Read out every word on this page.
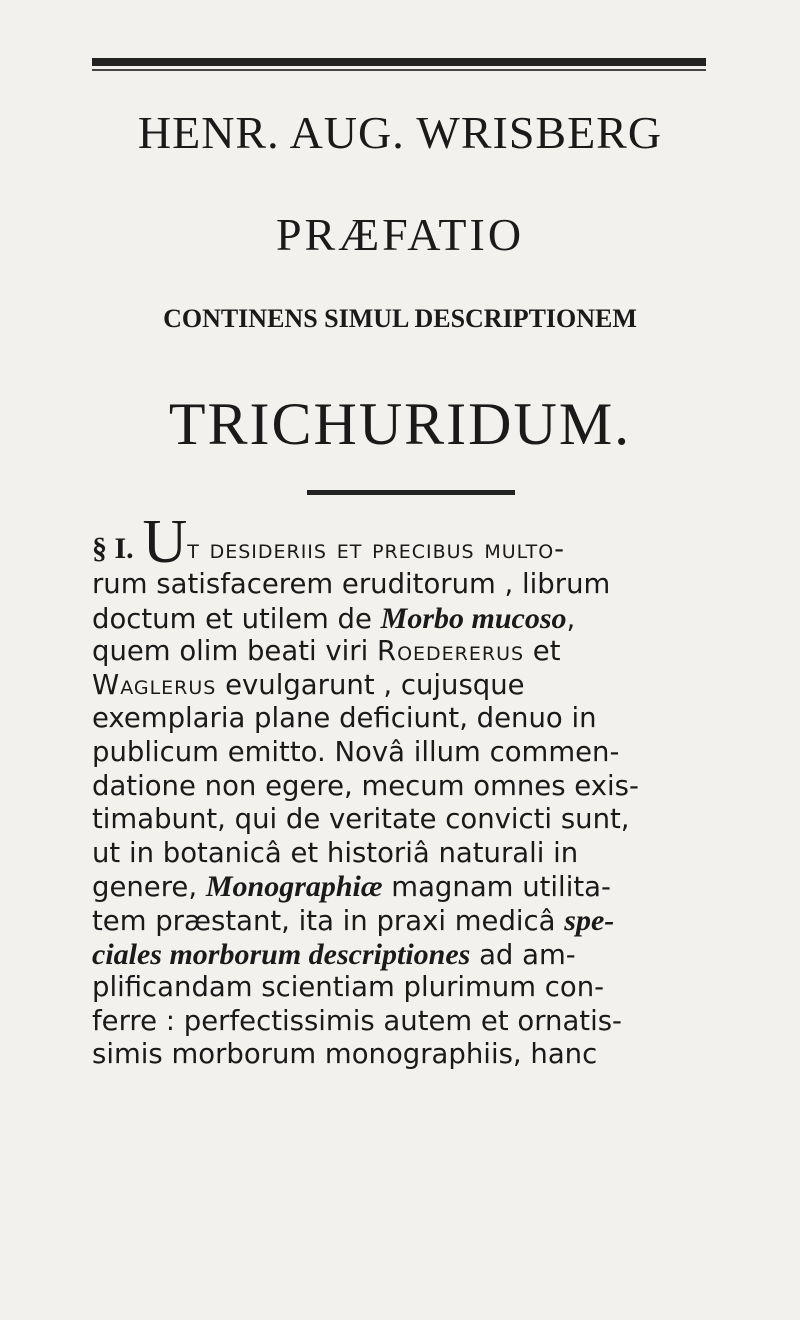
HENR. AUG. WRISBERG
PRÆFATIO
CONTINENS SIMUL DESCRIPTIONEM
TRICHURIDUM.
§ I. Ut desideriis et precibus multo-
rum satisfacerem eruditorum , librum
doctum et utilem de Morbo mucoso,
quem olim beati viri Roedererus et
Waglerus evulgarunt , cujusque
exemplaria plane deficiunt, denuo in
publicum emitto. Novâ illum commen-
datione non egere, mecum omnes exis-
timabunt, qui de veritate convicti sunt,
ut in botanicâ et historiâ naturali in
genere, Monographiæ magnam utilita-
tem præstant, ita in praxi medicâ spe-
ciales morborum descriptiones ad am-
plificandam scientiam plurimum con-
ferre : perfectissimis autem et ornatis-
simis morborum monographiis, hanc
